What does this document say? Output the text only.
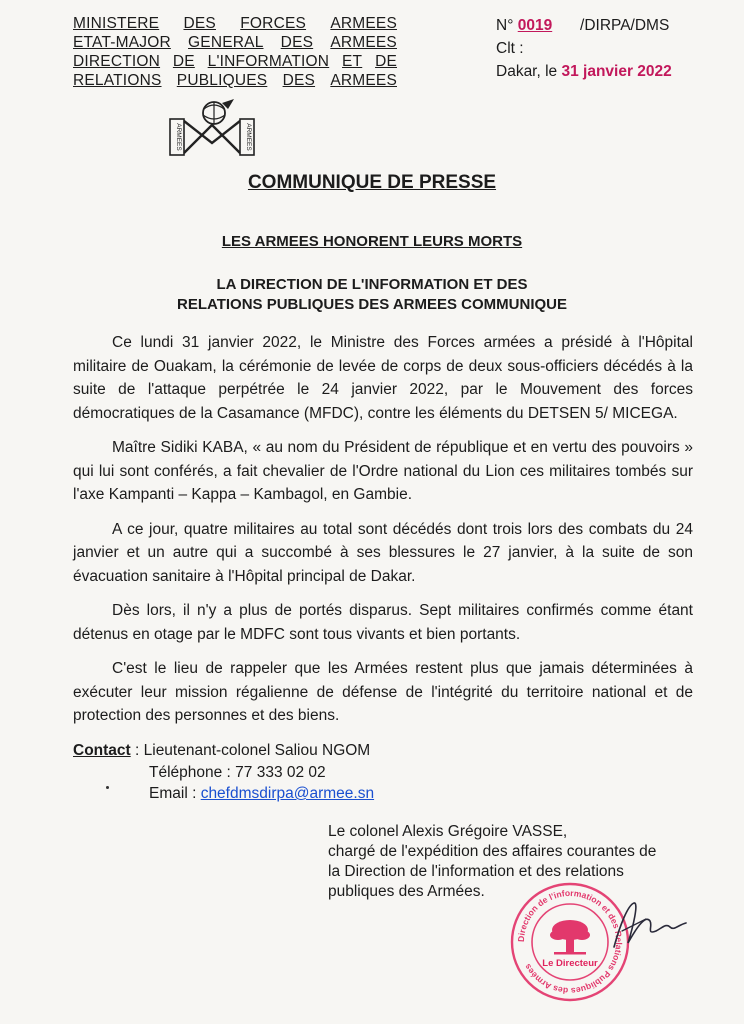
MINISTERE DES FORCES ARMEES
ETAT-MAJOR GENERAL DES ARMEES
DIRECTION DE L'INFORMATION ET DE
RELATIONS PUBLIQUES DES ARMEES
N° 0019 /DIRPA/DMS
Clt :
Dakar, le 31 janvier 2022
ARMEES	ARMEES
COMMUNIQUE DE PRESSE
LES ARMEES HONORENT LEURS MORTS
LA DIRECTION DE L'INFORMATION ET DES
RELATIONS PUBLIQUES DES ARMEES COMMUNIQUE

Ce lundi 31 janvier 2022, le Ministre des Forces armées a présidé à l'Hôpital militaire de Ouakam, la cérémonie de levée de corps de deux sous-officiers décédés à la suite de l'attaque perpétrée le 24 janvier 2022, par le Mouvement des forces démocratiques de la Casamance (MFDC), contre les éléments du DETSEN 5/ MICEGA.

Maître Sidiki KABA, « au nom du Président de république et en vertu des pouvoirs » qui lui sont conférés, a fait chevalier de l'Ordre national du Lion ces militaires tombés sur l'axe Kampanti – Kappa – Kambagol, en Gambie.

A ce jour, quatre militaires au total sont décédés dont trois lors des combats du 24 janvier et un autre qui a succombé à ses blessures le 27 janvier, à la suite de son évacuation sanitaire à l'Hôpital principal de Dakar.

Dès lors, il n'y a plus de portés disparus. Sept militaires confirmés comme étant détenus en otage par le MDFC sont tous vivants et bien portants.

C'est le lieu de rappeler que les Armées restent plus que jamais déterminées à exécuter leur mission régalienne de défense de l'intégrité du territoire national et de protection des personnes et des biens.

Contact : Lieutenant-colonel Saliou NGOM
Téléphone : 77 333 02 02
Email : chefdmsdirpa@armee.sn
Le colonel Alexis Grégoire VASSE,
chargé de l'expédition des affaires courantes de
la Direction de l'information et des relations
publiques des Armées.
Direction de l'information et des Relations Publiques des Armées Le Directeur
